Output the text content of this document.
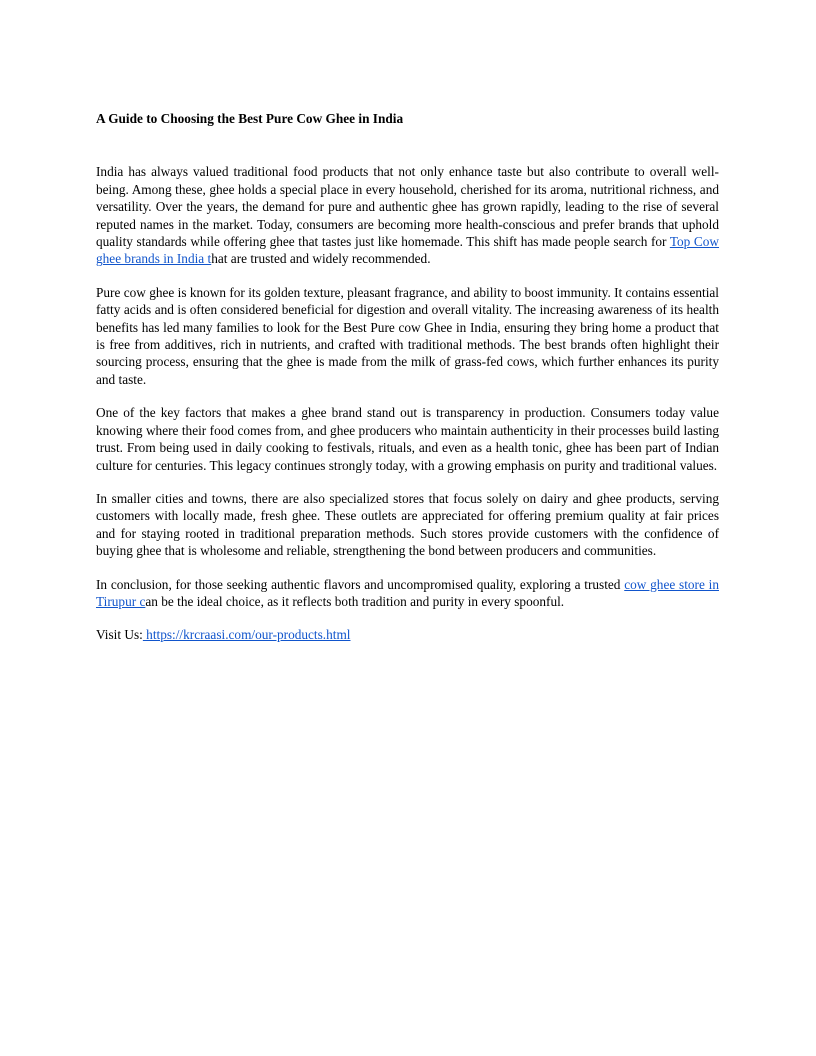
A Guide to Choosing the Best Pure Cow Ghee in India

India has always valued traditional food products that not only enhance taste but also contribute to overall well-being. Among these, ghee holds a special place in every household, cherished for its aroma, nutritional richness, and versatility. Over the years, the demand for pure and authentic ghee has grown rapidly, leading to the rise of several reputed names in the market. Today, consumers are becoming more health-conscious and prefer brands that uphold quality standards while offering ghee that tastes just like homemade. This shift has made people search for Top Cow ghee brands in India that are trusted and widely recommended.

Pure cow ghee is known for its golden texture, pleasant fragrance, and ability to boost immunity. It contains essential fatty acids and is often considered beneficial for digestion and overall vitality. The increasing awareness of its health benefits has led many families to look for the Best Pure cow Ghee in India, ensuring they bring home a product that is free from additives, rich in nutrients, and crafted with traditional methods. The best brands often highlight their sourcing process, ensuring that the ghee is made from the milk of grass-fed cows, which further enhances its purity and taste.

One of the key factors that makes a ghee brand stand out is transparency in production. Consumers today value knowing where their food comes from, and ghee producers who maintain authenticity in their processes build lasting trust. From being used in daily cooking to festivals, rituals, and even as a health tonic, ghee has been part of Indian culture for centuries. This legacy continues strongly today, with a growing emphasis on purity and traditional values.

In smaller cities and towns, there are also specialized stores that focus solely on dairy and ghee products, serving customers with locally made, fresh ghee. These outlets are appreciated for offering premium quality at fair prices and for staying rooted in traditional preparation methods. Such stores provide customers with the confidence of buying ghee that is wholesome and reliable, strengthening the bond between producers and communities.

In conclusion, for those seeking authentic flavors and uncompromised quality, exploring a trusted cow ghee store in Tirupur can be the ideal choice, as it reflects both tradition and purity in every spoonful.

Visit Us: https://krcraasi.com/our-products.html
